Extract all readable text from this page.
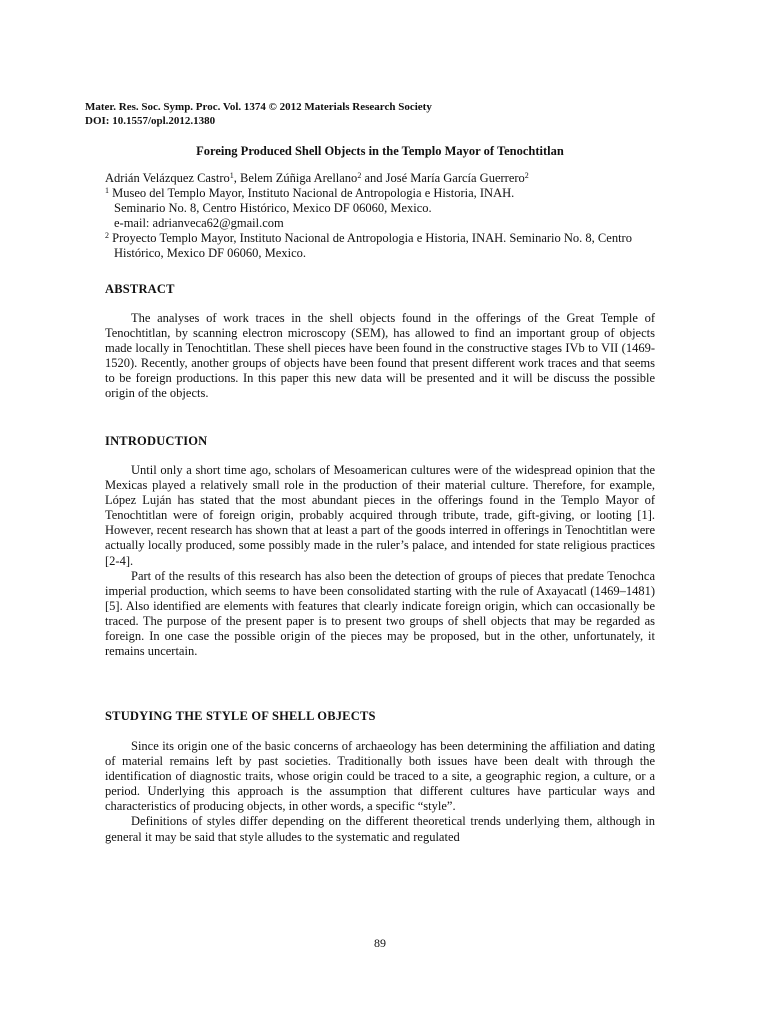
Mater. Res. Soc. Symp. Proc. Vol. 1374 © 2012 Materials Research Society
DOI: 10.1557/opl.2012.1380
Foreing Produced Shell Objects in the Templo Mayor of Tenochtitlan
Adrián Velázquez Castro$^1$, Belem Zúñiga Arellano$^2$ and José María García Guerrero$^2$
$^1$ Museo del Templo Mayor, Instituto Nacional de Antropologia e Historia, INAH.
Seminario No. 8, Centro Histórico, Mexico DF 06060, Mexico.
e-mail: adrianveca62@gmail.com
$^2$ Proyecto Templo Mayor, Instituto Nacional de Antropologia e Historia, INAH. Seminario No. 8, Centro Histórico, Mexico DF 06060, Mexico.
ABSTRACT

The analyses of work traces in the shell objects found in the offerings of the Great Temple of Tenochtitlan, by scanning electron microscopy (SEM), has allowed to find an important group of objects made locally in Tenochtitlan. These shell pieces have been found in the constructive stages IVb to VII (1469-1520). Recently, another groups of objects have been found that present different work traces and that seems to be foreign productions. In this paper this new data will be presented and it will be discuss the possible origin of the objects.

INTRODUCTION

Until only a short time ago, scholars of Mesoamerican cultures were of the widespread opinion that the Mexicas played a relatively small role in the production of their material culture. Therefore, for example, López Luján has stated that the most abundant pieces in the offerings found in the Templo Mayor of Tenochtitlan were of foreign origin, probably acquired through tribute, trade, gift-giving, or looting [1]. However, recent research has shown that at least a part of the goods interred in offerings in Tenochtitlan were actually locally produced, some possibly made in the ruler’s palace, and intended for state religious practices [2-4].

Part of the results of this research has also been the detection of groups of pieces that predate Tenochca imperial production, which seems to have been consolidated starting with the rule of Axayacatl (1469–1481) [5]. Also identified are elements with features that clearly indicate foreign origin, which can occasionally be traced. The purpose of the present paper is to present two groups of shell objects that may be regarded as foreign. In one case the possible origin of the pieces may be proposed, but in the other, unfortunately, it remains uncertain.

STUDYING THE STYLE OF SHELL OBJECTS

Since its origin one of the basic concerns of archaeology has been determining the affiliation and dating of material remains left by past societies. Traditionally both issues have been dealt with through the identification of diagnostic traits, whose origin could be traced to a site, a geographic region, a culture, or a period. Underlying this approach is the assumption that different cultures have particular ways and characteristics of producing objects, in other words, a specific “style”.

Definitions of styles differ depending on the different theoretical trends underlying them, although in general it may be said that style alludes to the systematic and regulated

89
